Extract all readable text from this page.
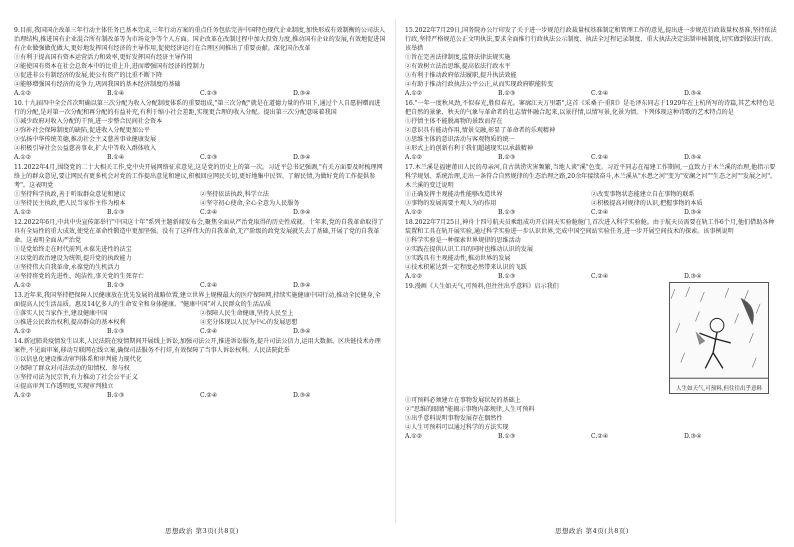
9.目前,我国国企改革三年行动主体任务已基本完成,三年行动方案的重点任务包括完善中国特色现代企业制度,加快形成有效制衡的公司法人治理结构,推进国有企业混合所有制改革等为市场竞争等个人方面。国企改革在改制过程中加大投资力度,推动国有企业的发展,有效地促进国有企业做强做优做大,更好地发挥国有经济的主导作用,促使经济运行在合理区间推出了重要贡献。深化国企改革
①有利于提高国有资本运营活力和效率,更好发挥国有经济主导作用
②能使国有资本在社会总资本中的比重上升,进而增强国有经济的控制力
③促进非公有制经济的发展,使公有资产的比重不断下降
④能够增强国有经济的竞争力,巩固我国的基本经济制度的基础
A.①②	B.①④	C.②③	D.③④
10.十九届四中全会首次明确以第三次分配为收入分配制度体系的重要组成,"第三次分配"就是在道德力量的作用下,通过个人自愿捐赠而进行的分配,是对第一次分配和再分配的有益补充,有利于缩小社会差距,实现更合理的收入分配。提出第三次分配意味着我国
①减少政府对收入分配的干预,进一步整合民间社会资本
②弥补社会保障制度的缺陷,促进收入分配更加公平
③弘扬中华传统美德,推动社会主义慈善事业健康发展
④积极引导社会公益慈善事业,扩大中等收入群体收入
A.①②	B.①④	C.②③	D.③④
11.2022年4月,围绕党的二十大相关工作,党中央开展网络征求意见,这是党的历史上的第一次。习近平总书记强调,"有关方面要及时梳理网络上的群众意见,要让网民有更多机会对党的工作提出意见和建议,积极回应网民关切,更好地集中民智、了解民情,为做好党的工作提供参考"。这表明党
①坚持科学执政,善于听取群众意见和建议	②坚持依法执政,科学立法
③坚持民主执政,把人民当家作主作为根本	④坚守初心使命,全心全意为人民服务
A.①②	B.①③	C.②④	D.③④
12.2022年6月,中共中央宣传部举行"中国这十年"系列主题新闻发布会,聚焦全面从严治党取得的历史性成就。十年来,党的自我革命取得了具有全局性的重大成效,使党在革命性锻造中更加坚强。没有了这样伟大的自我革命,无产阶级的政党发展就失去了基础,开展了党的自我革命。这表明全面从严治党
①是党始终走在时代前列,永葆先进性的法宝
②以党的政治建设为统领,提升党的执政能力
③坚持伟大自我革命,永葆党的生机活力
④坚持将党的先进性、纯洁性,事关党的生死存亡
A.①②	B.①③	C.②④	D.③④
13.近年来,我国坚持把保障人民健康放在优先发展的战略位置,建立世界上规模最大的医疗保障网,持续实施健康中国行动,推动全民健身,全面提高人民生活品质。惠及14亿多人的生命安全和身体健康。"健康中国"对人民群众的生活品质
①落实人民当家作主,建设健康中国	②保障人民生命健康,坚持人民至上
③推进公民政治权利,提高群众的基本权利	④充分体现以人民为中心的发展思想
A.①②	B.①③	C.②④	D.③④
14.新冠肺炎疫情发生以来,人民法院在疫情期间开展线上诉讼,加强司法公开,推进诉讼服务,提升司法公信力,运用大数据、区块链技术办理案件,不见面审案,移动互联网在线立案,确保司法服务不打烊,有效保障了当事人诉讼权利。人民法院此举
①以信息化建设推动审判体系和审判能力现代化
②保障了群众对司法活动的知情权、参与权
③坚持司法为民宗旨,有力推动了社会公平正义
④提高审判工作透明度,实现审判独立
A.①②	B.①③	C.②④	D.③④
15.2022年7月29日,国务院办公厅印发了关于进一步规范行政裁量权基准制定和管理工作的意见,提出进一步规范行政裁量权基准,坚持依法行政,坚持严格规范公正文明执法,要求全面推行行政执法公示制度、执法全过程记录制度、重大执法决定法制审核制度,切实做到依法行政。该举措
①旨在完善法律制度,监督法律法规实施
②有效树立法治思维,提高依法行政水平
③有利于推动政府依法履职,提升执法效能
④有助于推动行政执法公平公正,从而实现政府职能转变
A.①②	B.①③	C.②④	D.③④
16."一年一度秋风劲,不似春光,胜似春光。寥廓江天万里霜",这首《采桑子·重阳》是毛泽东同志于1929年在上杭所写的诗篇,其艺术特色是把自然的景象、秋天的气象与革命者的壮志情怀融合起来,以景抒情,以情写景,化景为情。下列体现这种诗歌的艺术特点的是
①抒情主体不能脱离物的景致而存在
②意识具有能动作用,情景交融,彰显了革命者的乐观精神
③思维主体的意识活动与客观物质的统一
④形式上的创新有利于我们超越现实以承载精神
A.①②	B.①③	C.②④	D.③④
17.木兰溪是福建莆田人民的母亲河,自古洪涝灾害频繁,当地人谈"溪"色变。习近平同志在福建工作期间,一直致力于木兰溪的治理,他指示要科学规划、系统治理,走出一条符合自然规律的生态治理之路,20余年接续奋斗,木兰溪从"水患之河"变为"安澜之河""生态之河""发展之河"。木兰溪的变迁说明
①正确发挥主观能动性能够改造世界	②改变事物状态能建立自在事物的联系
③事物的发展需要主观人为的作用	④积极提高对规律的认识,把握事物的本质
A.①②	B.①③	C.②④	D.③④
18.2022年7月25日,神舟十四号航天员乘组成功开启问天实验舱舱门,首次进入科学实验舱。由于航天员需要在轨工作6个月,他们借助各种装置和工具在轨开展实验,通过科学实验进一步认识世界,完成中国空间站实验任务,进一步开展空间技术的探索。该事例说明
①科学实验是一种探索世界规律的思维活动
②实践在提供认识工具的同时也推动认识的发展
③实践具有主观能动性,推动世界的发展
④技术积累达到一定程度必然带来认识的飞跃
A.①②	B.①③	C.②④	D.③④
人生如天气,可预料,但往往出乎意料
19.漫画《人生如天气,可预料,但往往出乎意料》启示我们
①可预料必须建立在事物发展状况的基础上
②"思维的眼睛"能揭示事物内部规律,人生可预料
③出乎意料说明事物发展存在偶然性
④人生可预料可以通过科学的方法实现
A.①②	B.①③	C.②④	D.③④
思想政治 第3页(共8页)	思想政治 第4页(共8页)
